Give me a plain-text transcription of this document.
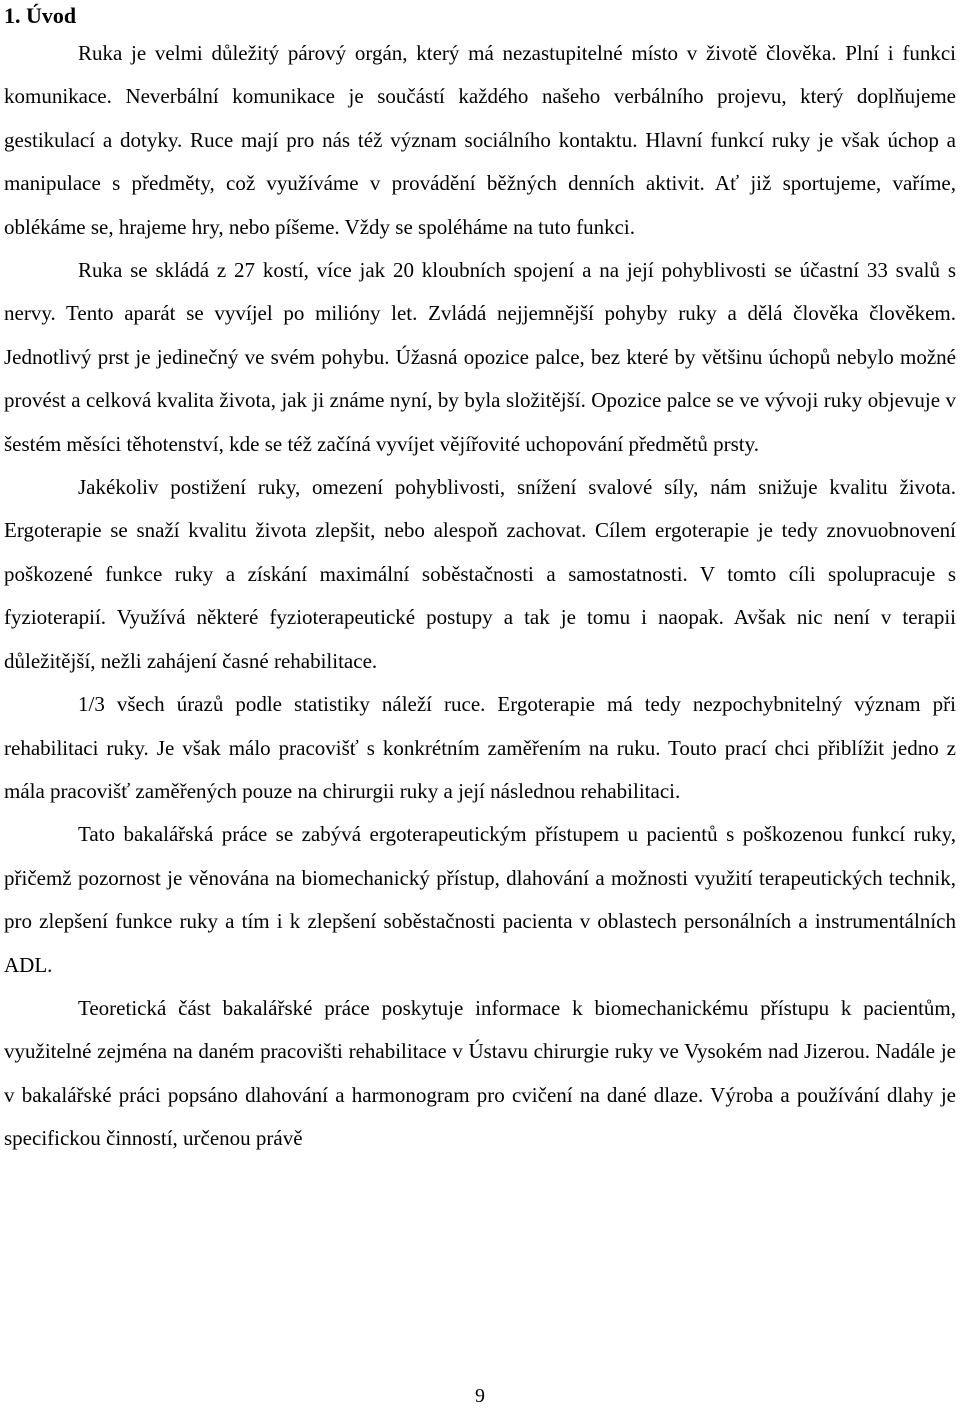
1. Úvod

Ruka je velmi důležitý párový orgán, který má nezastupitelné místo v životě člověka. Plní i funkci komunikace. Neverbální komunikace je součástí každého našeho verbálního projevu, který doplňujeme gestikulací a dotyky. Ruce mají pro nás též význam sociálního kontaktu. Hlavní funkcí ruky je však úchop a manipulace s předměty, což využíváme v provádění běžných denních aktivit. Ať již sportujeme, vaříme, oblékáme se, hrajeme hry, nebo píšeme. Vždy se spoléháme na tuto funkci.

Ruka se skládá z 27 kostí, více jak 20 kloubních spojení a na její pohyblivosti se účastní 33 svalů s nervy. Tento aparát se vyvíjel po milióny let. Zvládá nejjemnější pohyby ruky a dělá člověka člověkem. Jednotlivý prst je jedinečný ve svém pohybu. Úžasná opozice palce, bez které by většinu úchopů nebylo možné provést a celková kvalita života, jak ji známe nyní, by byla složitější. Opozice palce se ve vývoji ruky objevuje v šestém měsíci těhotenství, kde se též začíná vyvíjet vějířovité uchopování předmětů prsty.

Jakékoliv postižení ruky, omezení pohyblivosti, snížení svalové síly, nám snižuje kvalitu života. Ergoterapie se snaží kvalitu života zlepšit, nebo alespoň zachovat. Cílem ergoterapie je tedy znovuobnovení poškozené funkce ruky a získání maximální soběstačnosti a samostatnosti. V tomto cíli spolupracuje s fyzioterapií. Využívá některé fyzioterapeutické postupy a tak je tomu i naopak. Avšak nic není v terapii důležitější, nežli zahájení časné rehabilitace.

1/3 všech úrazů podle statistiky náleží ruce. Ergoterapie má tedy nezpochybnitelný význam při rehabilitaci ruky. Je však málo pracovišť s konkrétním zaměřením na ruku. Touto prací chci přiblížit jedno z mála pracovišť zaměřených pouze na chirurgii ruky a její následnou rehabilitaci.

Tato bakalářská práce se zabývá ergoterapeutickým přístupem u pacientů s poškozenou funkcí ruky, přičemž pozornost je věnována na biomechanický přístup, dlahování a možnosti využití terapeutických technik, pro zlepšení funkce ruky a tím i k zlepšení soběstačnosti pacienta v oblastech personálních a instrumentálních ADL.

Teoretická část bakalářské práce poskytuje informace k biomechanickému přístupu k pacientům, využitelné zejména na daném pracovišti rehabilitace v Ústavu chirurgie ruky ve Vysokém nad Jizerou. Nadále je v bakalářské práci popsáno dlahování a harmonogram pro cvičení na dané dlaze. Výroba a používání dlahy je specifickou činností, určenou právě

9
